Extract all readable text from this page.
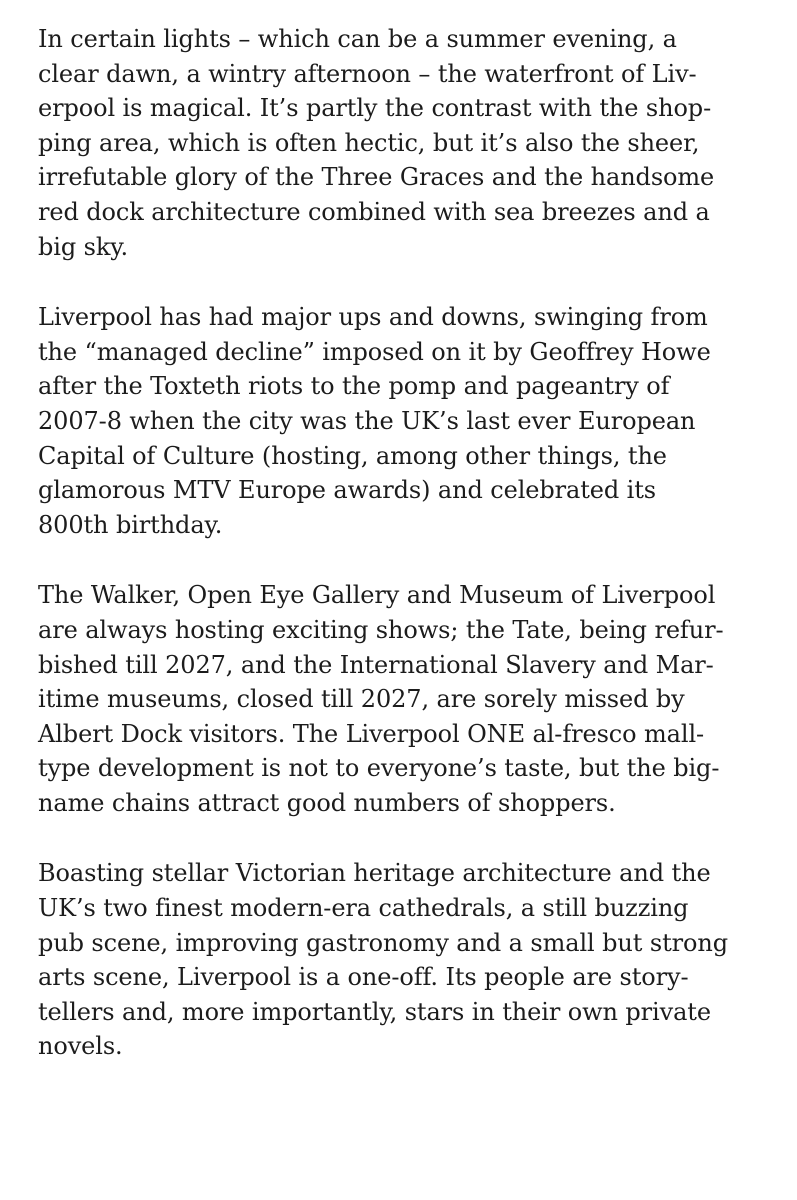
In certain lights – which can be a summer evening, a
clear dawn, a wintry afternoon – the waterfront of Liv-
erpool is magical. It’s partly the contrast with the shop-
ping area, which is often hectic, but it’s also the sheer,
irrefutable glory of the Three Graces and the handsome
red dock architecture combined with sea breezes and a
big sky.

Liverpool has had major ups and downs, swinging from
the “managed decline” imposed on it by Geoffrey Howe
after the Toxteth riots to the pomp and pageantry of
2007-8 when the city was the UK’s last ever European
Capital of Culture (hosting, among other things, the
glamorous MTV Europe awards) and celebrated its
800th birthday.

The Walker, Open Eye Gallery and Museum of Liverpool
are always hosting exciting shows; the Tate, being refur-
bished till 2027, and the International Slavery and Mar-
itime museums, closed till 2027, are sorely missed by
Albert Dock visitors. The Liverpool ONE al-fresco mall-
type development is not to everyone’s taste, but the big-
name chains attract good numbers of shoppers.

Boasting stellar Victorian heritage architecture and the
UK’s two finest modern-era cathedrals, a still buzzing
pub scene, improving gastronomy and a small but strong
arts scene, Liverpool is a one-off. Its people are story-
tellers and, more importantly, stars in their own private
novels.
